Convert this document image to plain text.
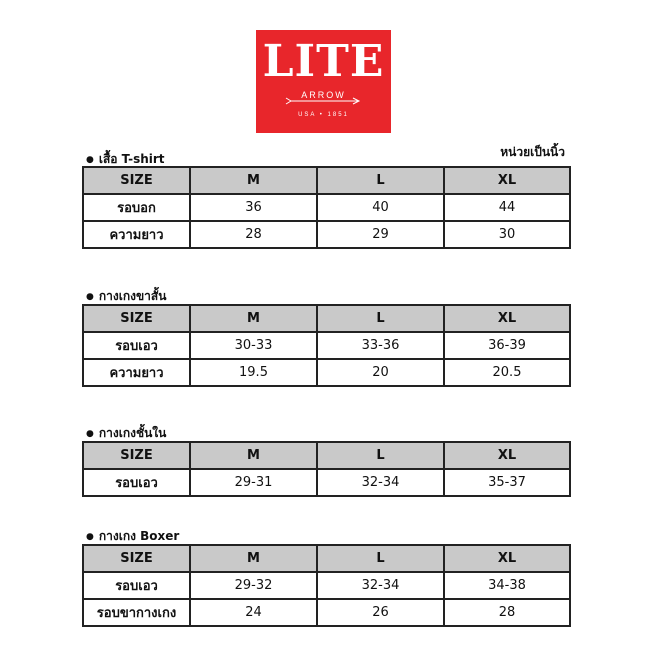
LITE
ARROW
USA • 1851
หน่วยเป็นนิ้ว
● เสื้อ T-shirt
SIZE	M	L	XL
รอบอก	36	40	44
ความยาว	28	29	30
● กางเกงขาสั้น
SIZE	M	L	XL
รอบเอว	30-33	33-36	36-39
ความยาว	19.5	20	20.5
● กางเกงชั้นใน
SIZE	M	L	XL
รอบเอว	29-31	32-34	35-37
● กางเกง Boxer
SIZE	M	L	XL
รอบเอว	29-32	32-34	34-38
รอบขากางเกง	24	26	28
